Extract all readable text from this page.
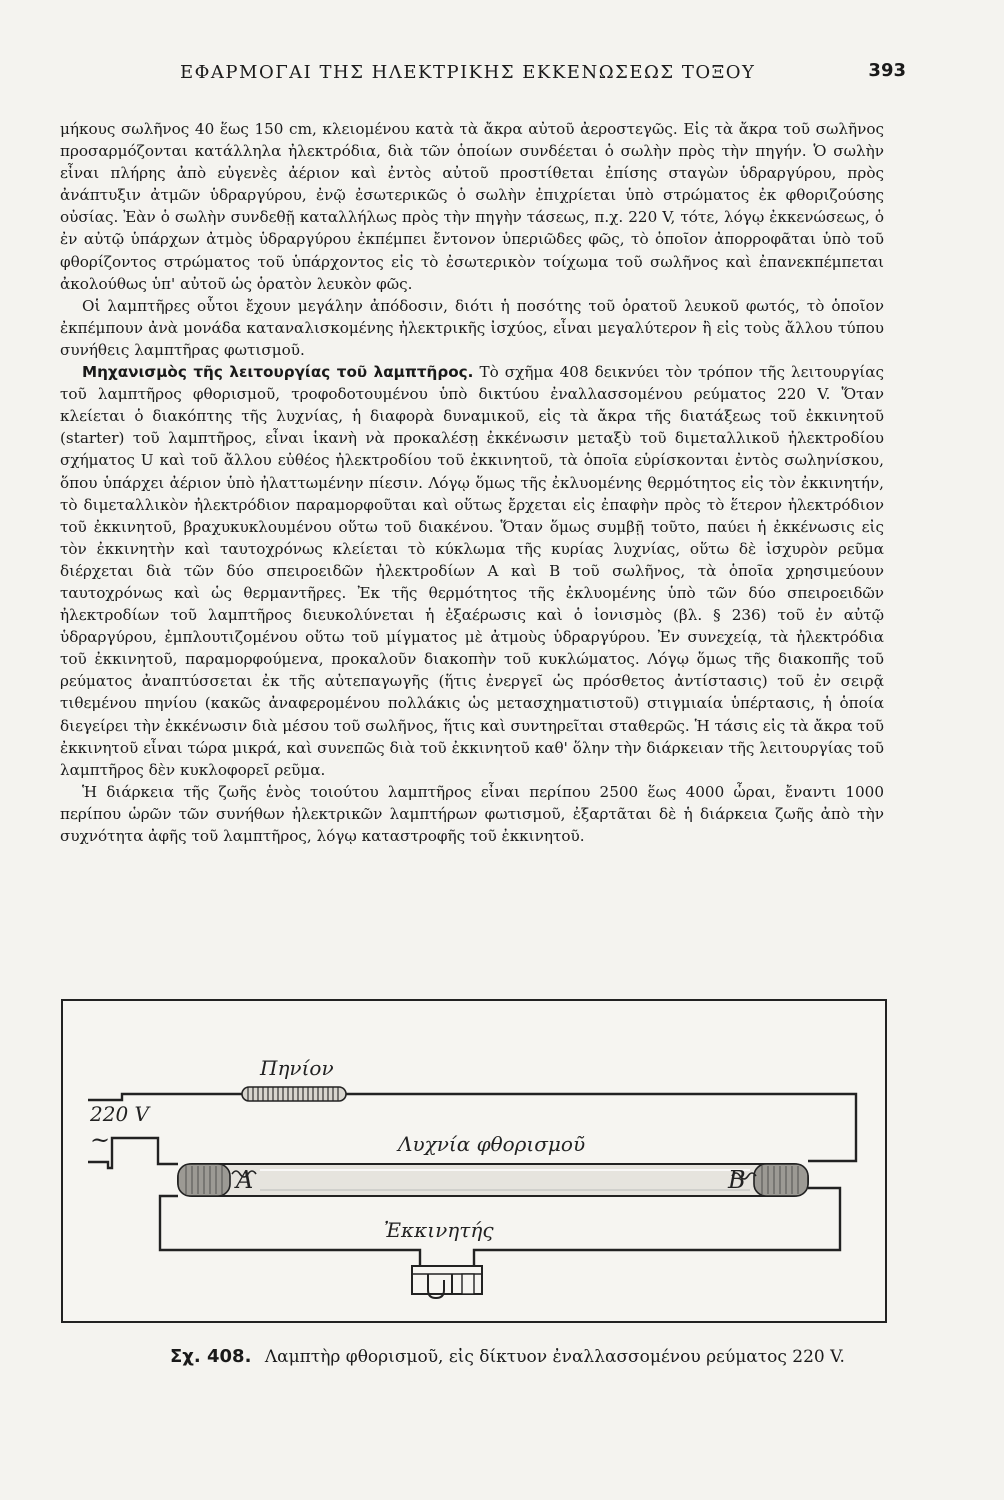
ΕΦΑΡΜΟΓΑΙ ΤΗΣ ΗΛΕΚΤΡΙΚΗΣ ΕΚΚΕΝΩΣΕΩΣ ΤΟΞΟΥ	393

μήκους σωλῆνος 40 ἕως 150 cm, κλειομένου κατὰ τὰ ἄκρα αὐτοῦ ἀεροστεγῶς. Εἰς τὰ ἄκρα τοῦ σωλῆνος προσαρμόζονται κατάλληλα ἠλεκτρόδια, διὰ τῶν ὁποίων συνδέεται ὁ σωλὴν πρὸς τὴν πηγήν. Ὁ σωλὴν εἶναι πλήρης ἀπὸ εὐγενὲς ἀέριον καὶ ἐντὸς αὐτοῦ προστίθεται ἐπίσης σταγὼν ὑδραργύρου, πρὸς ἀνάπτυξιν ἀτμῶν ὑδραργύρου, ἐνῷ ἐσωτερικῶς ὁ σωλὴν ἐπιχρίεται ὑπὸ στρώματος ἐκ φθοριζούσης οὐσίας. Ἐὰν ὁ σωλὴν συνδεθῇ καταλλήλως πρὸς τὴν πηγὴν τάσεως, π.χ. 220 V, τότε, λόγῳ ἐκκενώσεως, ὁ ἐν αὐτῷ ὑπάρχων ἀτμὸς ὑδραργύρου ἐκπέμπει ἔντονον ὑπεριῶδες φῶς, τὸ ὁποῖον ἀπορροφᾶται ὑπὸ τοῦ φθορίζοντος στρώματος τοῦ ὑπάρχοντος εἰς τὸ ἐσωτερικὸν τοίχωμα τοῦ σωλῆνος καὶ ἐπανεκπέμπεται ἀκολούθως ὑπ' αὐτοῦ ὡς ὁρατὸν λευκὸν φῶς.

Οἱ λαμπτῆρες οὗτοι ἔχουν μεγάλην ἀπόδοσιν, διότι ἡ ποσότης τοῦ ὁρατοῦ λευκοῦ φωτός, τὸ ὁποῖον ἐκπέμπουν ἀνὰ μονάδα καταναλισκομένης ἠλεκτρικῆς ἰσχύος, εἶναι μεγαλύτερον ἢ εἰς τοὺς ἄλλου τύπου συνήθεις λαμπτῆρας φωτισμοῦ.

Μηχανισμὸς τῆς λειτουργίας τοῦ λαμπτῆρος. Τὸ σχῆμα 408 δεικνύει τὸν τρόπον τῆς λειτουργίας τοῦ λαμπτῆρος φθορισμοῦ, τροφοδοτουμένου ὑπὸ δικτύου ἐναλλασσομένου ρεύματος 220 V. Ὅταν κλείεται ὁ διακόπτης τῆς λυχνίας, ἡ διαφορὰ δυναμικοῦ, εἰς τὰ ἄκρα τῆς διατάξεως τοῦ ἐκκινητοῦ (starter) τοῦ λαμπτῆρος, εἶναι ἱκανὴ νὰ προκαλέσῃ ἐκκένωσιν μεταξὺ τοῦ διμεταλλικοῦ ἠλεκτροδίου σχήματος U καὶ τοῦ ἄλλου εὐθέος ἠλεκτροδίου τοῦ ἐκκινητοῦ, τὰ ὁποῖα εὑρίσκονται ἐντὸς σωληνίσκου, ὅπου ὑπάρχει ἀέριον ὑπὸ ἠλαττωμένην πίεσιν. Λόγῳ ὅμως τῆς ἐκλυομένης θερμότητος εἰς τὸν ἐκκινητήν, τὸ διμεταλλικὸν ἠλεκτρόδιον παραμορφοῦται καὶ οὕτως ἔρχεται εἰς ἐπαφὴν πρὸς τὸ ἕτερον ἠλεκτρόδιον τοῦ ἐκκινητοῦ, βραχυκυκλουμένου οὕτω τοῦ διακένου. Ὅταν ὅμως συμβῇ τοῦτο, παύει ἡ ἐκκένωσις εἰς τὸν ἐκκινητὴν καὶ ταυτοχρόνως κλείεται τὸ κύκλωμα τῆς κυρίας λυχνίας, οὕτω δὲ ἰσχυρὸν ρεῦμα διέρχεται διὰ τῶν δύο σπειροειδῶν ἠλεκτροδίων A καὶ B τοῦ σωλῆνος, τὰ ὁποῖα χρησιμεύουν ταυτοχρόνως καὶ ὡς θερμαντῆρες. Ἐκ τῆς θερμότητος τῆς ἐκλυομένης ὑπὸ τῶν δύο σπειροειδῶν ἠλεκτροδίων τοῦ λαμπτῆρος διευκολύνεται ἡ ἐξαέρωσις καὶ ὁ ἰονισμὸς (βλ. § 236) τοῦ ἐν αὐτῷ ὑδραργύρου, ἐμπλουτιζομένου οὕτω τοῦ μίγματος μὲ ἀτμοὺς ὑδραργύρου. Ἐν συνεχείᾳ, τὰ ἠλεκτρόδια τοῦ ἐκκινητοῦ, παραμορφούμενα, προκαλοῦν διακοπὴν τοῦ κυκλώματος. Λόγῳ ὅμως τῆς διακοπῆς τοῦ ρεύματος ἀναπτύσσεται ἐκ τῆς αὐτεπαγωγῆς (ἥτις ἐνεργεῖ ὡς πρόσθετος ἀντίστασις) τοῦ ἐν σειρᾷ τιθεμένου πηνίου (κακῶς ἀναφερομένου πολλάκις ὡς μετασχηματιστοῦ) στιγμιαία ὑπέρτασις, ἡ ὁποία διεγείρει τὴν ἐκκένωσιν διὰ μέσου τοῦ σωλῆνος, ἥτις καὶ συντηρεῖται σταθερῶς. Ἡ τάσις εἰς τὰ ἄκρα τοῦ ἐκκινητοῦ εἶναι τώρα μικρά, καὶ συνεπῶς διὰ τοῦ ἐκκινητοῦ καθ' ὅλην τὴν διάρκειαν τῆς λειτουργίας τοῦ λαμπτῆρος δὲν κυκλοφορεῖ ρεῦμα.

Ἡ διάρκεια τῆς ζωῆς ἑνὸς τοιούτου λαμπτῆρος εἶναι περίπου 2500 ἕως 4000 ὧραι, ἔναντι 1000 περίπου ὡρῶν τῶν συνήθων ἠλεκτρικῶν λαμπτήρων φωτισμοῦ, ἐξαρτᾶται δὲ ἡ διάρκεια ζωῆς ἀπὸ τὴν συχνότητα ἀφῆς τοῦ λαμπτῆρος, λόγῳ καταστροφῆς τοῦ ἐκκινητοῦ.

Πηνίον
220 V
~	Λυχνία φθορισμοῦ
A	B
Ἐκκινητής
Σχ. 408. Λαμπτὴρ φθορισμοῦ, εἰς δίκτυον ἐναλλασσομένου ρεύματος 220 V.
